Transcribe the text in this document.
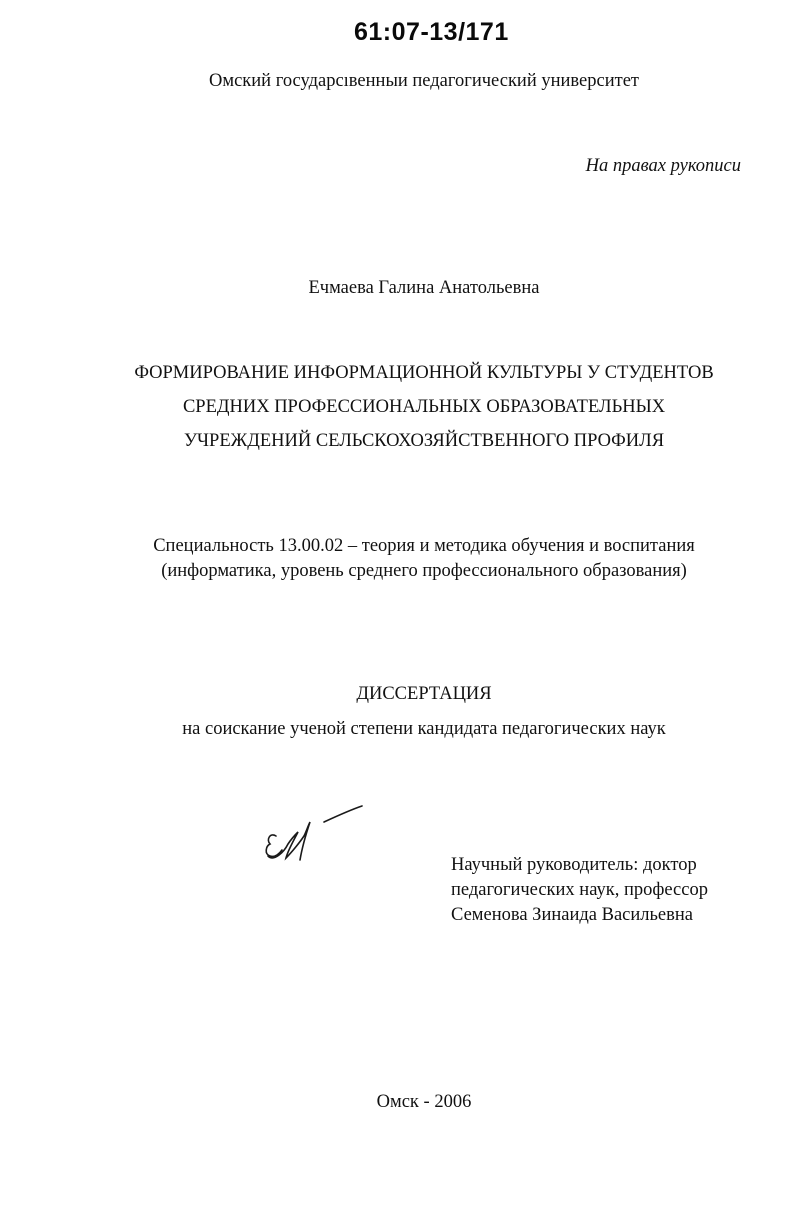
61:07-13/171
Омский государсıвенныи педагогический университет
На правах рукописи
Ечмаева Галина Анатольевна
ФОРМИРОВАНИЕ ИНФОРМАЦИОННОЙ КУЛЬТУРЫ У СТУДЕНТОВ
СРЕДНИХ ПРОФЕССИОНАЛЬНЫХ ОБРАЗОВАТЕЛЬНЫХ
УЧРЕЖДЕНИЙ СЕЛЬСКОХОЗЯЙСТВЕННОГО ПРОФИЛЯ
Специальность 13.00.02 – теория и методика обучения и воспитания
(информатика, уровень среднего профессионального образования)
ДИССЕРТАЦИЯ
на соискание ученой степени кандидата педагогических наук
Научный руководитель: доктор
педагогических наук, профессор
Семенова Зинаида Васильевна
Омск - 2006
